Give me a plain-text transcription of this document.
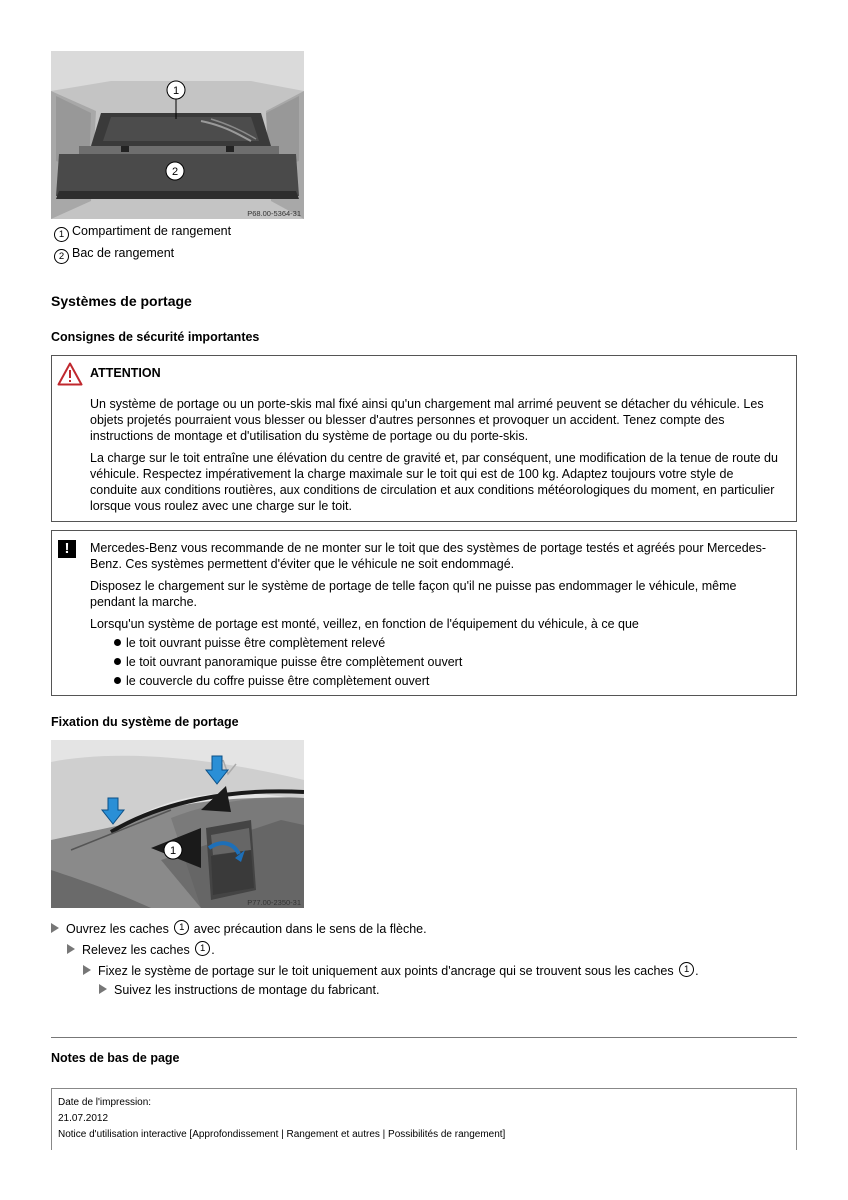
1
2
P68.00-5364-31
1 Compartiment de rangement
2 Bac de rangement
Systèmes de portage
Consignes de sécurité importantes
ATTENTION

Un système de portage ou un porte-skis mal fixé ainsi qu'un chargement mal arrimé peuvent se détacher du véhicule. Les objets projetés pourraient vous blesser ou blesser d'autres personnes et provoquer un accident. Tenez compte des instructions de montage et d'utilisation du système de portage ou du porte-skis.

La charge sur le toit entraîne une élévation du centre de gravité et, par conséquent, une modification de la tenue de route du véhicule. Respectez impérativement la charge maximale sur le toit qui est de 100 kg. Adaptez toujours votre style de conduite aux conditions routières, aux conditions de circulation et aux conditions météorologiques du moment, en particulier lorsque vous roulez avec une charge sur le toit.

!	Mercedes-Benz vous recommande de ne monter sur le toit que des systèmes de portage testés et agréés pour Mercedes-Benz. Ces systèmes permettent d'éviter que le véhicule ne soit endommagé.

Disposez le chargement sur le système de portage de telle façon qu'il ne puisse pas endommager le véhicule, même pendant la marche.

Lorsqu'un système de portage est monté, veillez, en fonction de l'équipement du véhicule, à ce que

le toit ouvrant puisse être complètement relevé
le toit ouvrant panoramique puisse être complètement ouvert
le couvercle du coffre puisse être complètement ouvert
Fixation du système de portage
1
P77.00-2350-31
Ouvrez les caches 1 avec précaution dans le sens de la flèche.
Relevez les caches 1 .
Fixez le système de portage sur le toit uniquement aux points d'ancrage qui se trouvent sous les caches 1 .
Suivez les instructions de montage du fabricant.
Notes de bas de page
Date de l'impression:
21.07.2012
Notice d'utilisation interactive [Approfondissement | Rangement et autres | Possibilités de rangement]
